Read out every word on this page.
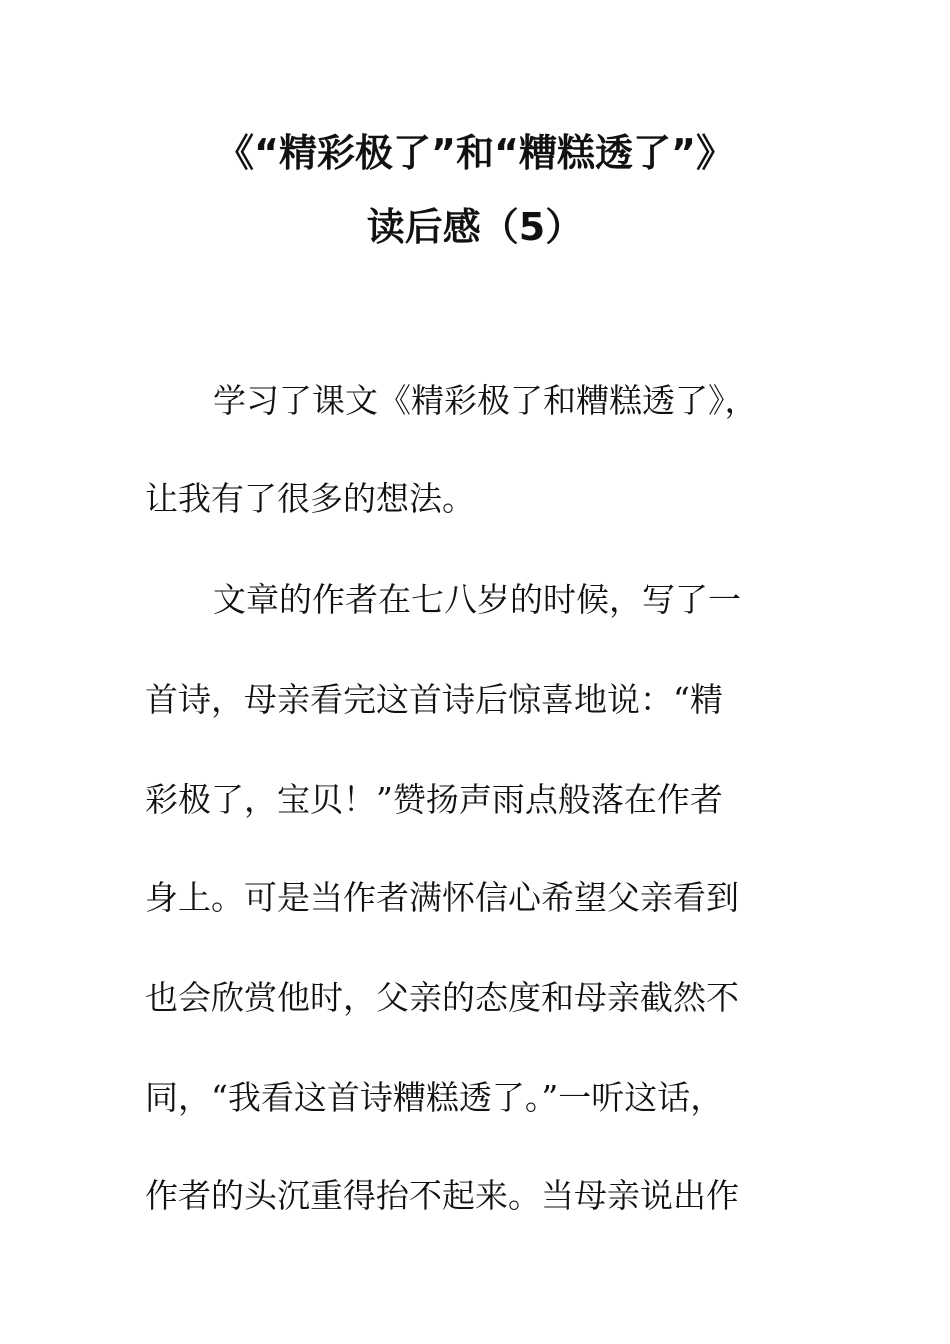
《“精彩极了”和“糟糕透了”》
读后感（5）
学习了课文《精彩极了和糟糕透了》，
让我有了很多的想法。
文章的作者在七八岁的时候，写了一
首诗，母亲看完这首诗后惊喜地说：“精
彩极了，宝贝！”赞扬声雨点般落在作者
身上。可是当作者满怀信心希望父亲看到
也会欣赏他时，父亲的态度和母亲截然不
同，“我看这首诗糟糕透了。”一听这话，
作者的头沉重得抬不起来。当母亲说出作
